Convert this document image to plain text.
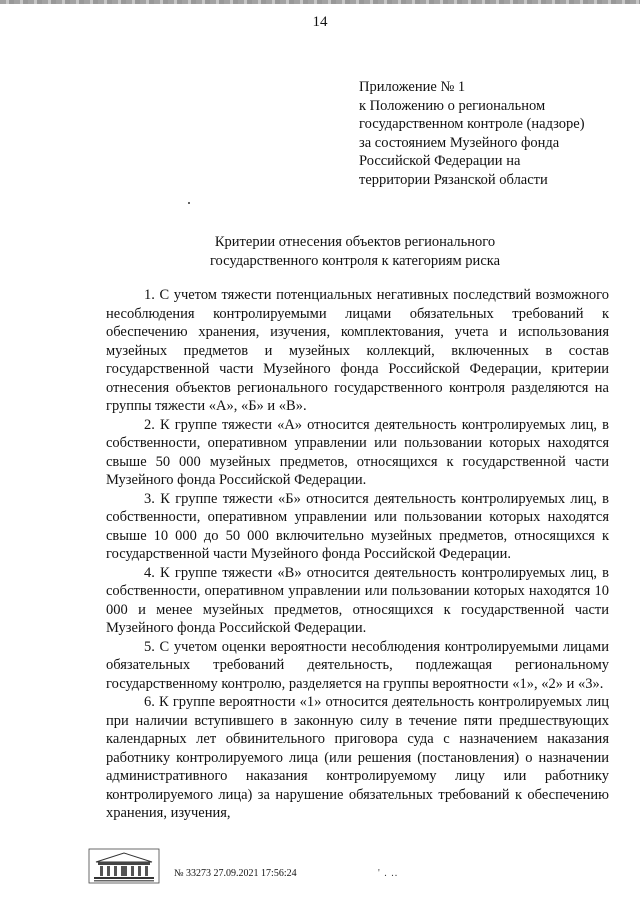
14
Приложение № 1
к Положению о региональном
государственном контроле (надзоре)
за состоянием Музейного фонда
Российской Федерации на
территории Рязанской области
Критерии отнесения объектов регионального
государственного контроля к категориям риска

1. С учетом тяжести потенциальных негативных последствий возможного несоблюдения контролируемыми лицами обязательных требований к обеспечению хранения, изучения, комплектования, учета и использования музейных предметов и музейных коллекций, включенных в состав государственной части Музейного фонда Российской Федерации, критерии отнесения объектов регионального государственного контроля разделяются на группы тяжести «А», «Б» и «В».

2. К группе тяжести «А» относится деятельность контролируемых лиц, в собственности, оперативном управлении или пользовании которых находятся свыше 50 000 музейных предметов, относящихся к государственной части Музейного фонда Российской Федерации.

3. К группе тяжести «Б» относится деятельность контролируемых лиц, в собственности, оперативном управлении или пользовании которых находятся свыше 10 000 до 50 000 включительно музейных предметов, относящихся к государственной части Музейного фонда Российской Федерации.

4. К группе тяжести «В» относится деятельность контролируемых лиц, в собственности, оперативном управлении или пользовании которых находятся 10 000 и менее музейных предметов, относящихся к государственной части Музейного фонда Российской Федерации.

5. С учетом оценки вероятности несоблюдения контролируемыми лицами обязательных требований деятельность, подлежащая региональному государственному контролю, разделяется на группы вероятности «1», «2» и «3».

6. К группе вероятности «1» относится деятельность контролируемых лиц при наличии вступившего в законную силу в течение пяти предшествующих календарных лет обвинительного приговора суда с назначением наказания работнику контролируемого лица (или решения (постановления) о назначении административного наказания контролируемому лицу или работнику контролируемого лица) за нарушение обязательных требований к обеспечению хранения, изучения,

№ 33273 27.09.2021 17:56:24	' . ..
